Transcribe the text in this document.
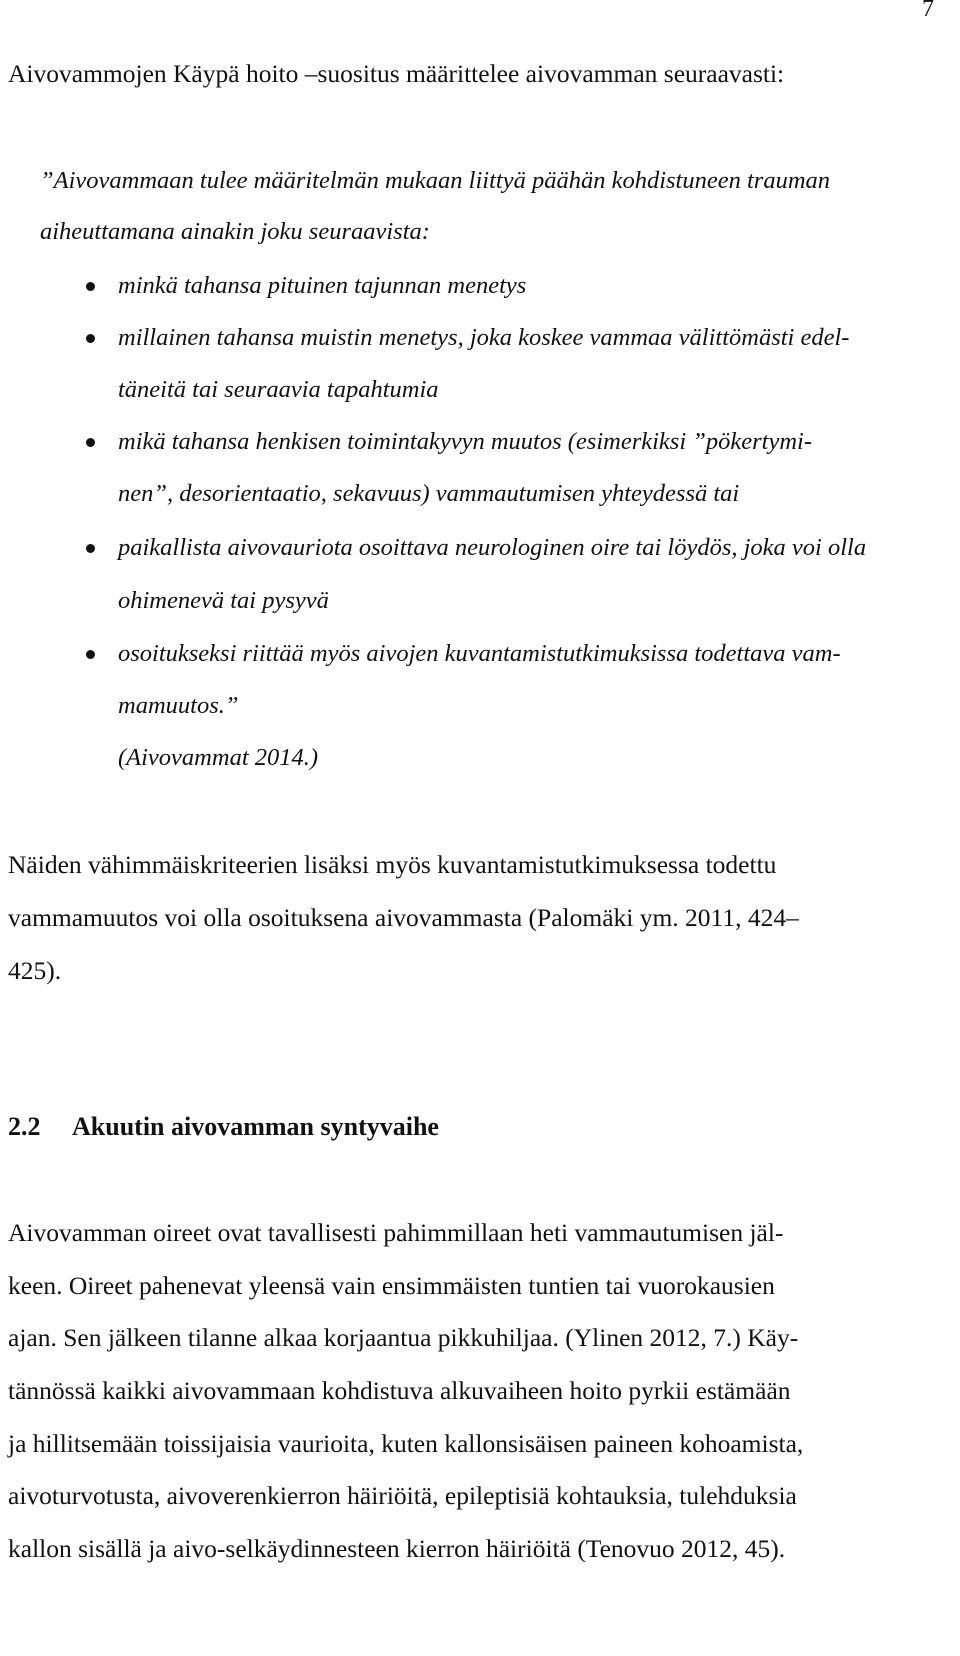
7
Aivovammojen Käypä hoito –suositus määrittelee aivovamman seuraavasti:
”Aivovammaan tulee määritelmän mukaan liittyä päähän kohdistuneen trauman
aiheuttamana ainakin joku seuraavista:
minkä tahansa pituinen tajunnan menetys
millainen tahansa muistin menetys, joka koskee vammaa välittömästi edel-
täneitä tai seuraavia tapahtumia
mikä tahansa henkisen toimintakyvyn muutos (esimerkiksi ”pökertymi-
nen”, desorientaatio, sekavuus) vammautumisen yhteydessä tai
paikallista aivovauriota osoittava neurologinen oire tai löydös, joka voi olla
ohimenevä tai pysyvä
osoitukseksi riittää myös aivojen kuvantamistutkimuksissa todettava vam-
mamuutos.”
(Aivovammat 2014.)
Näiden vähimmäiskriteerien lisäksi myös kuvantamistutkimuksessa todettu
vammamuutos voi olla osoituksena aivovammasta (Palomäki ym. 2011, 424–
425).
2.2 Akuutin aivovamman syntyvaihe
Aivovamman oireet ovat tavallisesti pahimmillaan heti vammautumisen jäl-
keen. Oireet pahenevat yleensä vain ensimmäisten tuntien tai vuorokausien
ajan. Sen jälkeen tilanne alkaa korjaantua pikkuhiljaa. (Ylinen 2012, 7.) Käy-
tännössä kaikki aivovammaan kohdistuva alkuvaiheen hoito pyrkii estämään
ja hillitsemään toissijaisia vaurioita, kuten kallonsisäisen paineen kohoamista,
aivoturvotusta, aivoverenkierron häiriöitä, epileptisiä kohtauksia, tulehduksia
kallon sisällä ja aivo-selkäydinnesteen kierron häiriöitä (Tenovuo 2012, 45).
